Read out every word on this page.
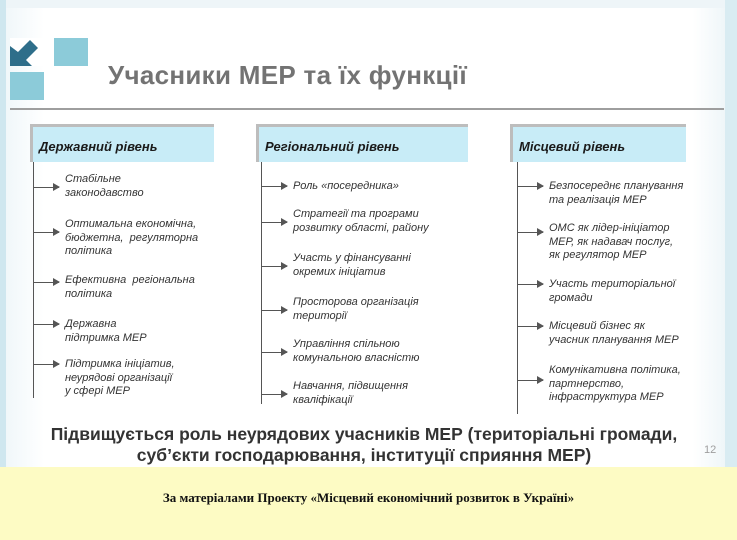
Учасники МЕР та їх функції
Державний рівень
Стабільне
законодавство
Оптимальна економічна,
бюджетна,  регуляторна
політика
Ефективна  регіональна
політика
Державна
підтримка МЕР
Підтримка ініціатив,
неурядові організації
у сфері МЕР
Регіональний рівень
Роль «посередника»
Стратегії та програми
розвитку області, району
Участь у фінансуванні
окремих ініціатив
Просторова організація
території
Управління спільною
комунальною власністю
Навчання, підвищення
кваліфікації
Місцевий рівень
Безпосереднє планування
та реалізація МЕР
ОМС як лідер-ініціатор
МЕР, як надавач послуг,
як регулятор МЕР
Участь територіальної
громади
Місцевий бізнес як
учасник планування МЕР
Комунікативна політика,
партнерство,
інфраструктура МЕР
Підвищується роль неурядових учасників МЕР (територіальні громади, суб’єкти господарювання, інституції сприяння МЕР)	12
За матеріалами Проекту «Місцевий економічний розвиток в Україні»
